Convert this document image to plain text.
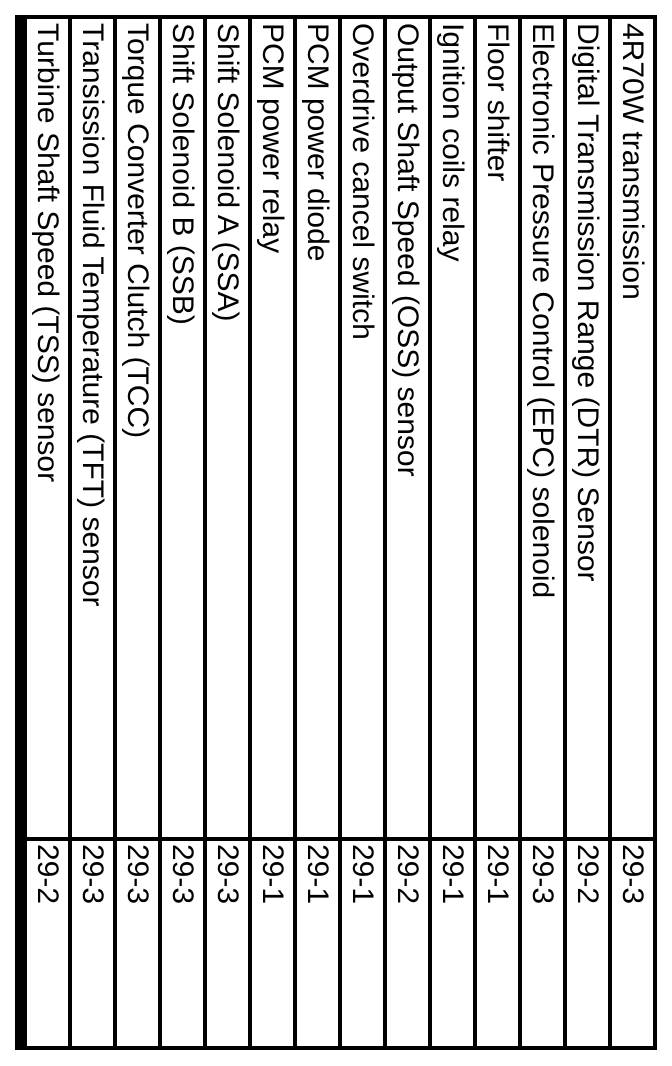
4R70W transmission
29-3
Digital Transmission Range (DTR) Sensor
29-2
Electronic Pressure Control (EPC) solenoid
29-3
Floor shifter
29-1
Ignition coils relay
29-1
Output Shaft Speed (OSS) sensor
29-2
Overdrive cancel switch
29-1
PCM power diode
29-1
PCM power relay
29-1
Shift Solenoid A (SSA)
29-3
Shift Solenoid B (SSB)
29-3
Torque Converter Clutch (TCC)
29-3
Transission Fluid Temperature (TFT) sensor
29-3
Turbine Shaft Speed (TSS) sensor
29-2
